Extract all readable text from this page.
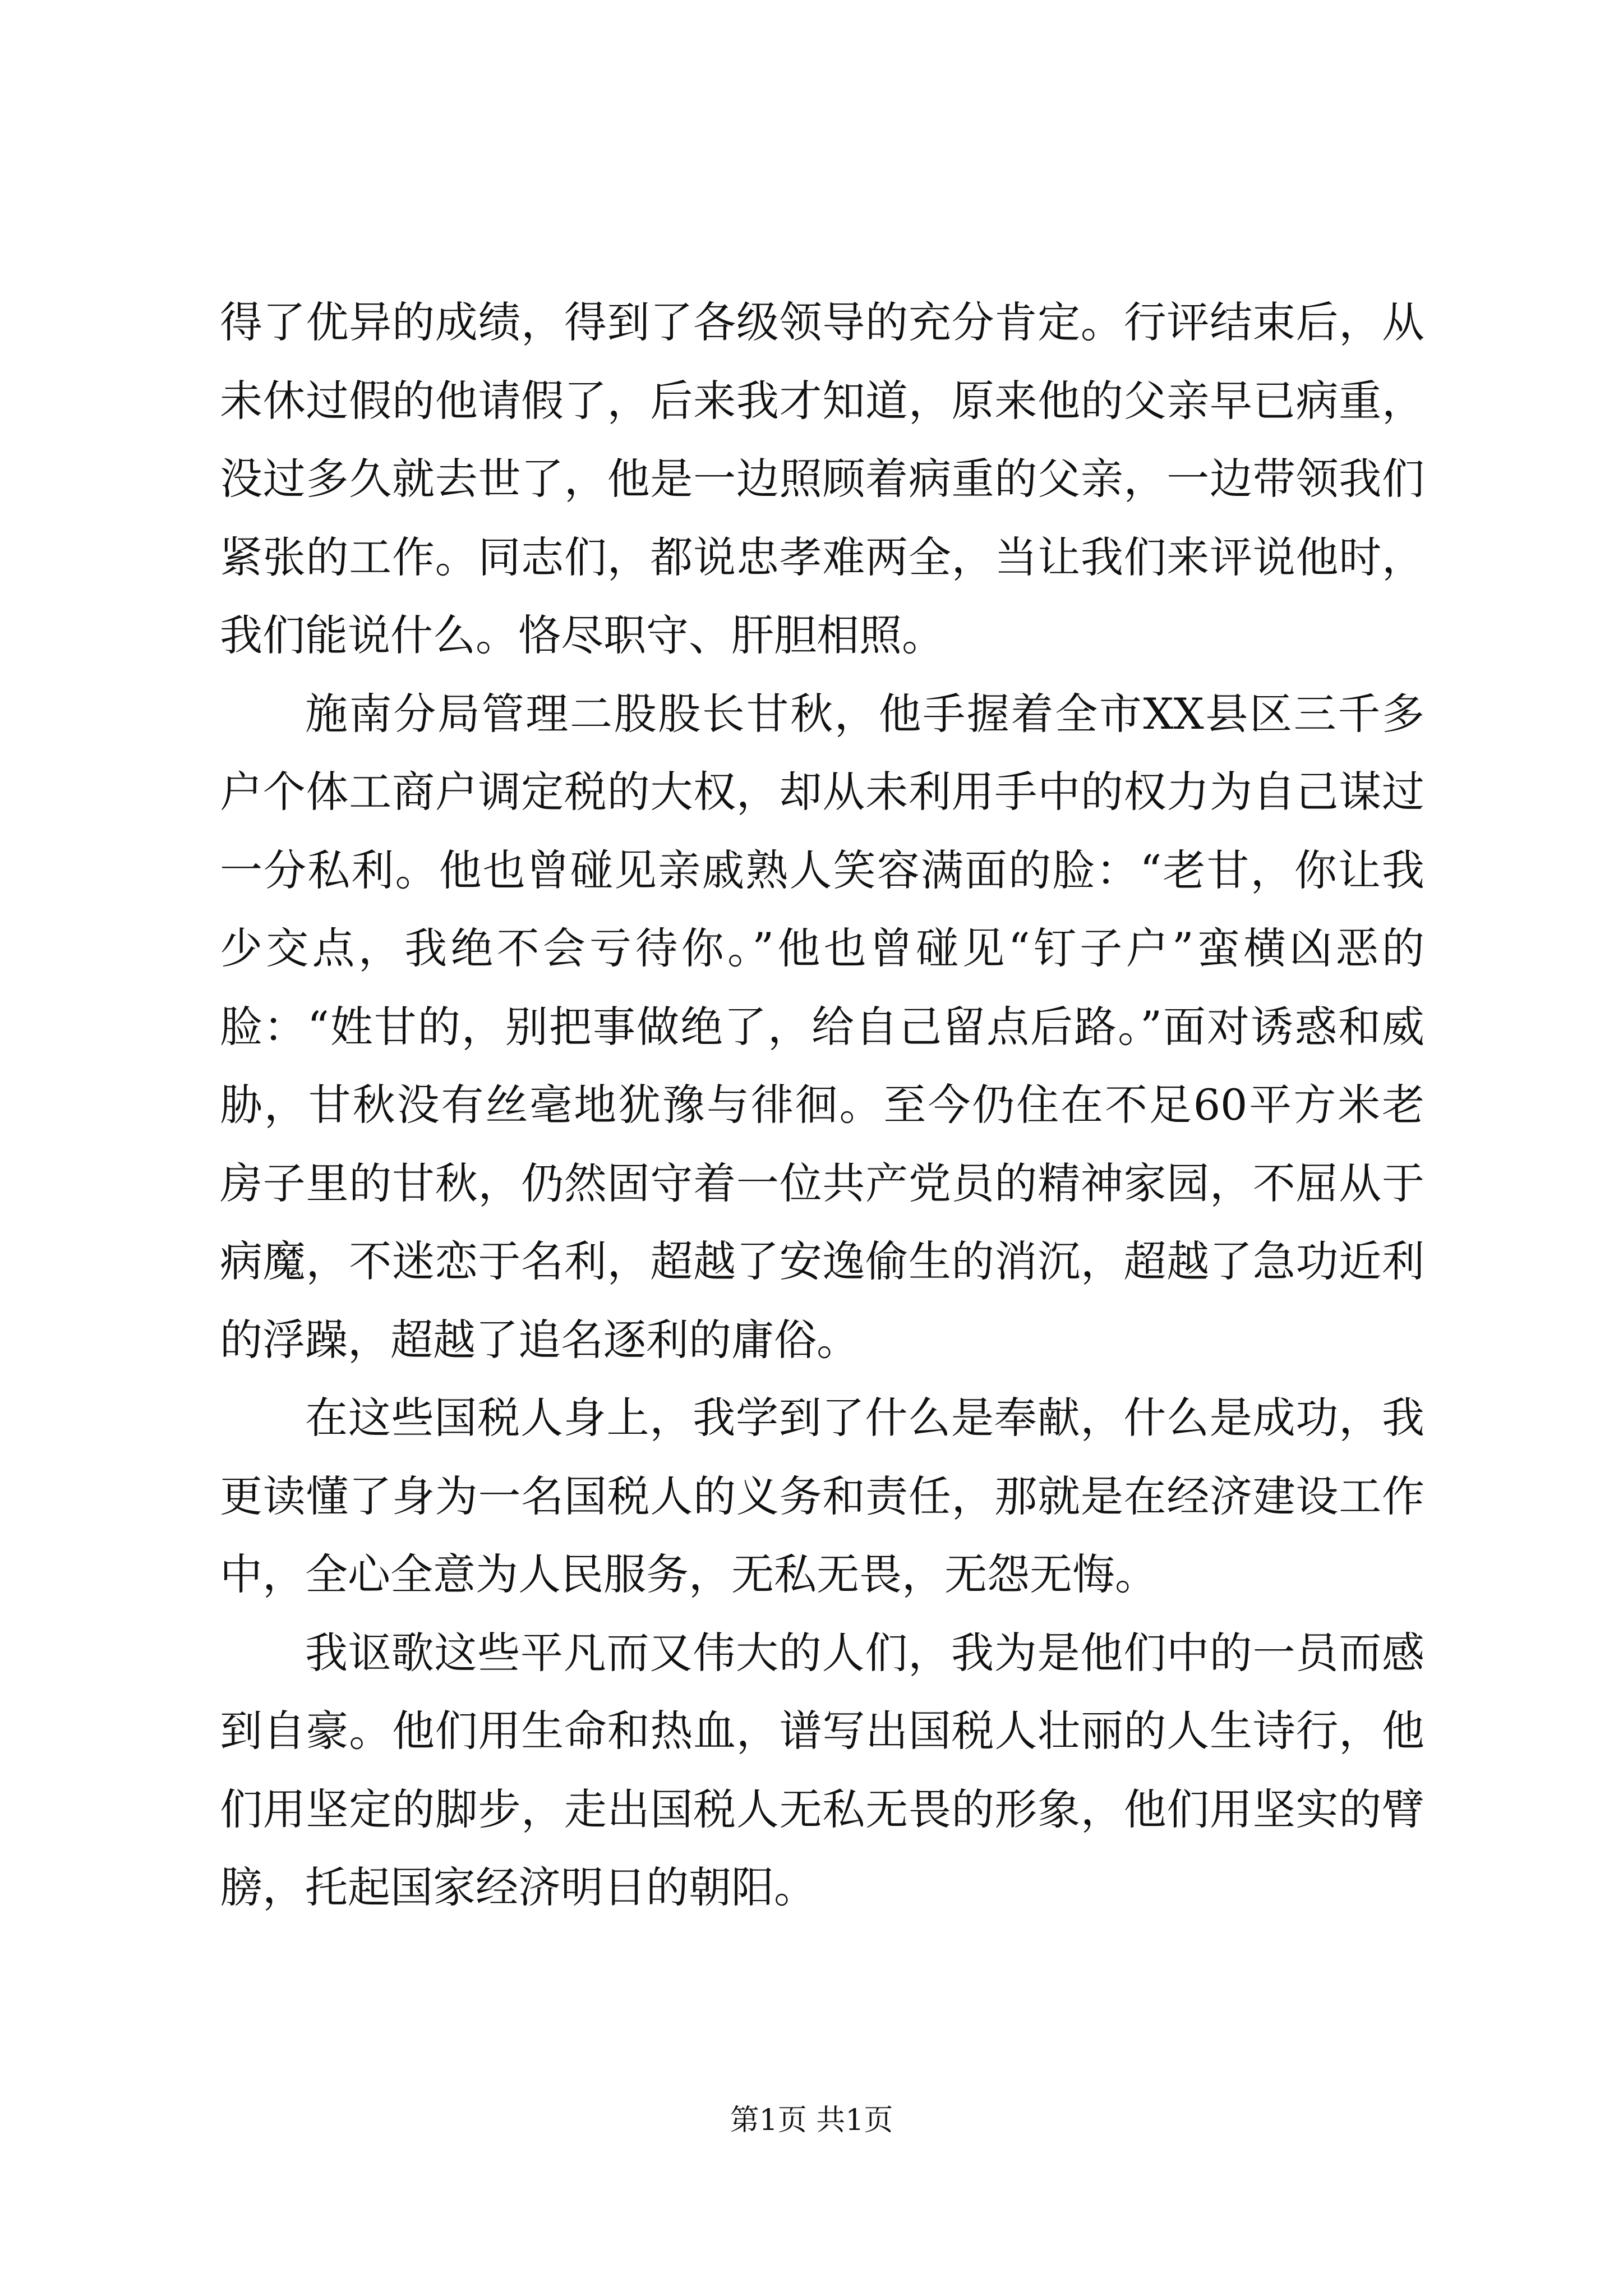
得了优异的成绩，得到了各级领导的充分肯定。行评结束后，从未休过假的他请假了，后来我才知道，原来他的父亲早已病重，没过多久就去世了，他是一边照顾着病重的父亲，一边带领我们紧张的工作。同志们，都说忠孝难两全，当让我们来评说他时，我们能说什么。恪尽职守、肝胆相照。

施南分局管理二股股长甘秋，他手握着全市XX县区三千多户个体工商户调定税的大权，却从未利用手中的权力为自己谋过一分私利。他也曾碰见亲戚熟人笑容满面的脸：“老甘，你让我少交点，我绝不会亏待你。”他也曾碰见“钉子户”蛮横凶恶的脸：“姓甘的，别把事做绝了，给自己留点后路。”面对诱惑和威胁，甘秋没有丝毫地犹豫与徘徊。至今仍住在不足60平方米老房子里的甘秋，仍然固守着一位共产党员的精神家园，不屈从于病魔，不迷恋于名利，超越了安逸偷生的消沉，超越了急功近利的浮躁，超越了追名逐利的庸俗。

在这些国税人身上，我学到了什么是奉献，什么是成功，我更读懂了身为一名国税人的义务和责任，那就是在经济建设工作中，全心全意为人民服务，无私无畏，无怨无悔。

我讴歌这些平凡而又伟大的人们，我为是他们中的一员而感到自豪。他们用生命和热血，谱写出国税人壮丽的人生诗行，他们用坚定的脚步，走出国税人无私无畏的形象，他们用坚实的臂膀，托起国家经济明日的朝阳。

第1页 共1页
